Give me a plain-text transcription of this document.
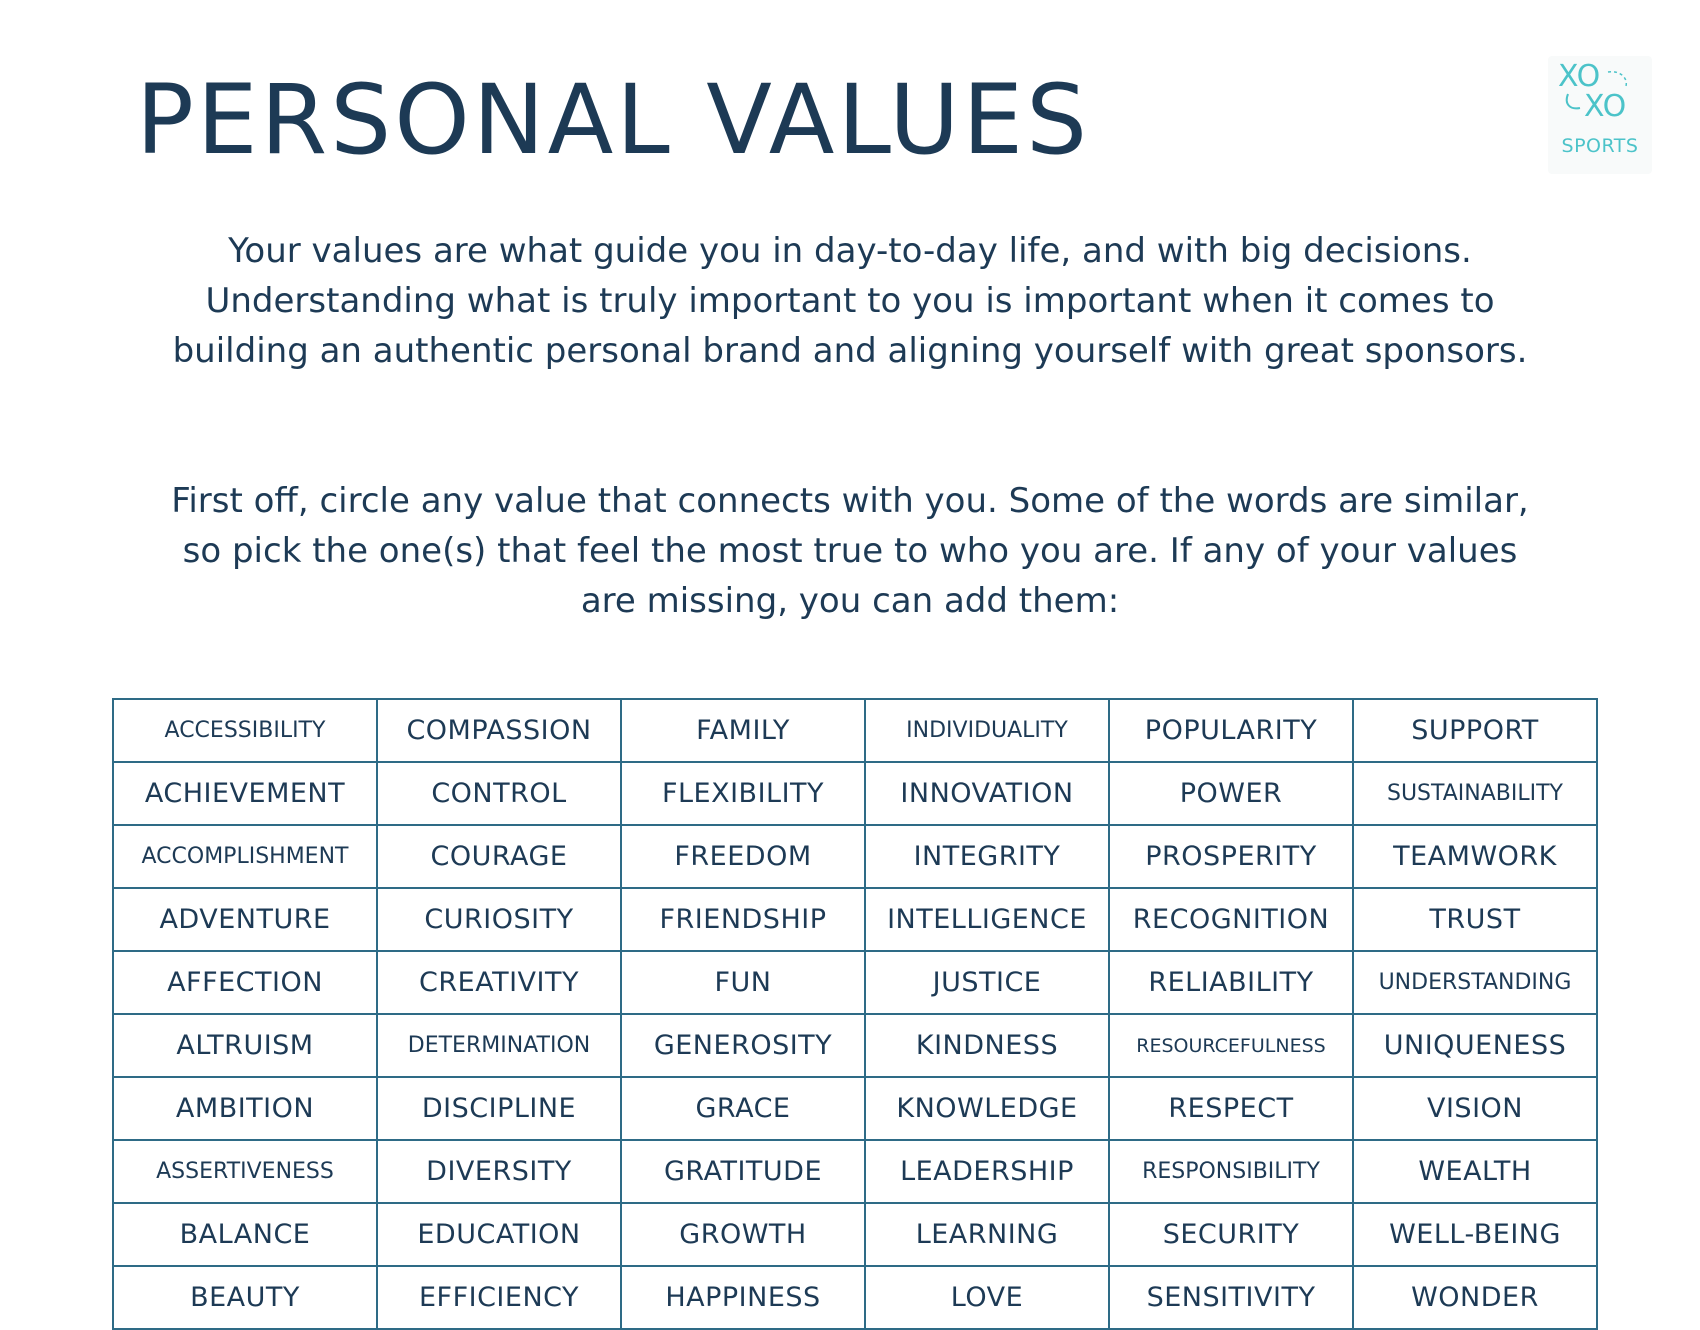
PERSONAL VALUES	XO
XO
SPORTS

Your values are what guide you in day-to-day life, and with big decisions. Understanding what is truly important to you is important when it comes to building an authentic personal brand and aligning yourself with great sponsors.

First off, circle any value that connects with you. Some of the words are similar, so pick the one(s) that feel the most true to who you are. If any of your values are missing, you can add them:

ACCESSIBILITY	COMPASSION	FAMILY	INDIVIDUALITY	POPULARITY	SUPPORT
ACHIEVEMENT	CONTROL	FLEXIBILITY	INNOVATION	POWER	SUSTAINABILITY
ACCOMPLISHMENT	COURAGE	FREEDOM	INTEGRITY	PROSPERITY	TEAMWORK
ADVENTURE	CURIOSITY	FRIENDSHIP	INTELLIGENCE	RECOGNITION	TRUST
AFFECTION	CREATIVITY	FUN	JUSTICE	RELIABILITY	UNDERSTANDING
ALTRUISM	DETERMINATION	GENEROSITY	KINDNESS	RESOURCEFULNESS	UNIQUENESS
AMBITION	DISCIPLINE	GRACE	KNOWLEDGE	RESPECT	VISION
ASSERTIVENESS	DIVERSITY	GRATITUDE	LEADERSHIP	RESPONSIBILITY	WEALTH
BALANCE	EDUCATION	GROWTH	LEARNING	SECURITY	WELL-BEING
BEAUTY	EFFICIENCY	HAPPINESS	LOVE	SENSITIVITY	WONDER
